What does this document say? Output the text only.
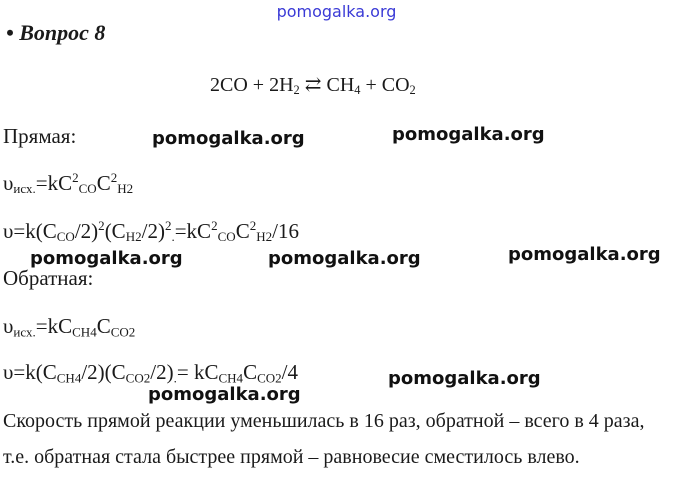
pomogalka.org
• Вопрос 8
$2CO + 2H_2$ ⇄ $CH_4 + CO_2$
Прямая:
$\upsilon_{исх.}=kC^2_{CO}C^2_{H2}$
$\upsilon=k(C_{CO}/2)^2(C_{H2}/2)^2_.=kC^2_{CO}C^2_{H2}/16$
Обратная:
$\upsilon_{исх.}=kC_{CH4}C_{CO2}$
$\upsilon=k(C_{CH4}/2)(C_{CO2}/2)_.= kC_{CH4}C_{CO2}/4$
Скорость прямой реакции уменьшилась в 16 раз, обратной – всего в 4 раза, т.е. обратная стала быстрее прямой – равновесие сместилось влево.
pomogalka.org	pomogalka.org
pomogalka.org	pomogalka.org	pomogalka.org
pomogalka.org
pomogalka.org
